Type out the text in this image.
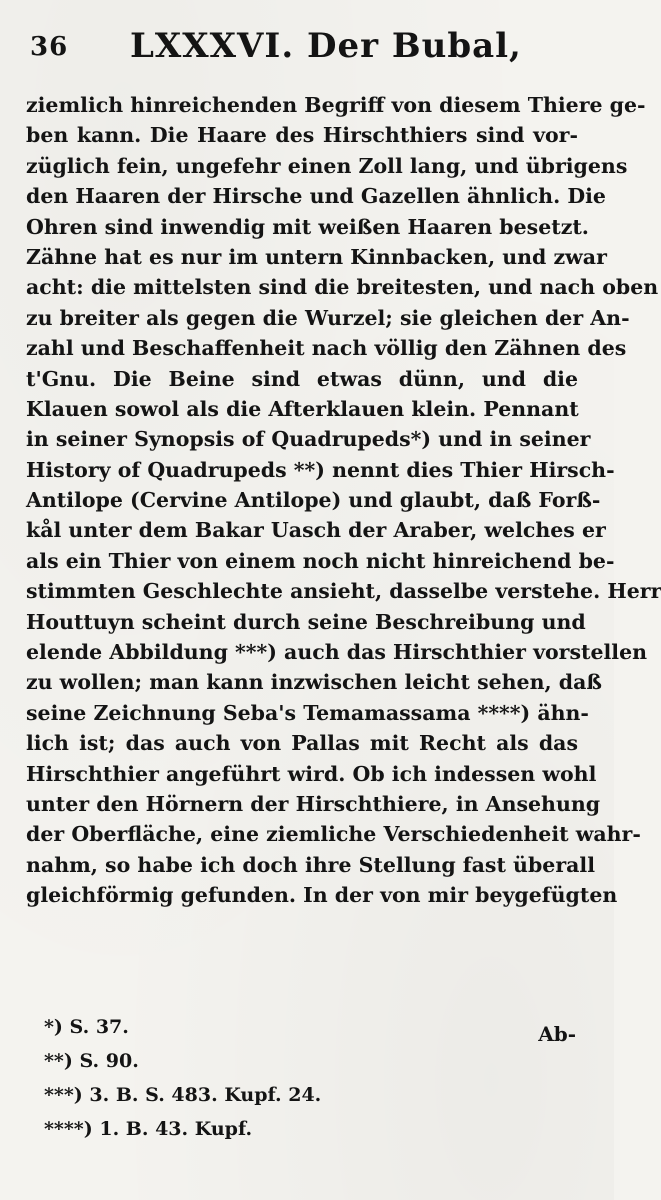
36 LXXXVI. Der Bubal,
ziemlich hinreichenden Begriff von diesem Thiere ge-
ben kann. Die Haare des Hirschthiers sind vor-
züglich fein, ungefehr einen Zoll lang, und übrigens
den Haaren der Hirsche und Gazellen ähnlich. Die
Ohren sind inwendig mit weißen Haaren besetzt.
Zähne hat es nur im untern Kinnbacken, und zwar
acht: die mittelsten sind die breitesten, und nach oben
zu breiter als gegen die Wurzel; sie gleichen der An-
zahl und Beschaffenheit nach völlig den Zähnen des
t'Gnu. Die Beine sind etwas dünn, und die
Klauen sowol als die Afterklauen klein. Pennant
in seiner Synopsis of Quadrupeds*) und in seiner
History of Quadrupeds **) nennt dies Thier Hirsch-
Antilope (Cervine Antilope) und glaubt, daß Forß-
kål unter dem Bakar Uasch der Araber, welches er
als ein Thier von einem noch nicht hinreichend be-
stimmten Geschlechte ansieht, dasselbe verstehe. Herr
Houttuyn scheint durch seine Beschreibung und
elende Abbildung ***) auch das Hirschthier vorstellen
zu wollen; man kann inzwischen leicht sehen, daß
seine Zeichnung Seba's Temamassama ****) ähn-
lich ist; das auch von Pallas mit Recht als das
Hirschthier angeführt wird. Ob ich indessen wohl
unter den Hörnern der Hirschthiere, in Ansehung
der Oberfläche, eine ziemliche Verschiedenheit wahr-
nahm, so habe ich doch ihre Stellung fast überall
gleichförmig gefunden. In der von mir beygefügten
Ab-
*) S. 37.
**) S. 90.
***) 3. B. S. 483. Kupf. 24.
****) 1. B. 43. Kupf.
